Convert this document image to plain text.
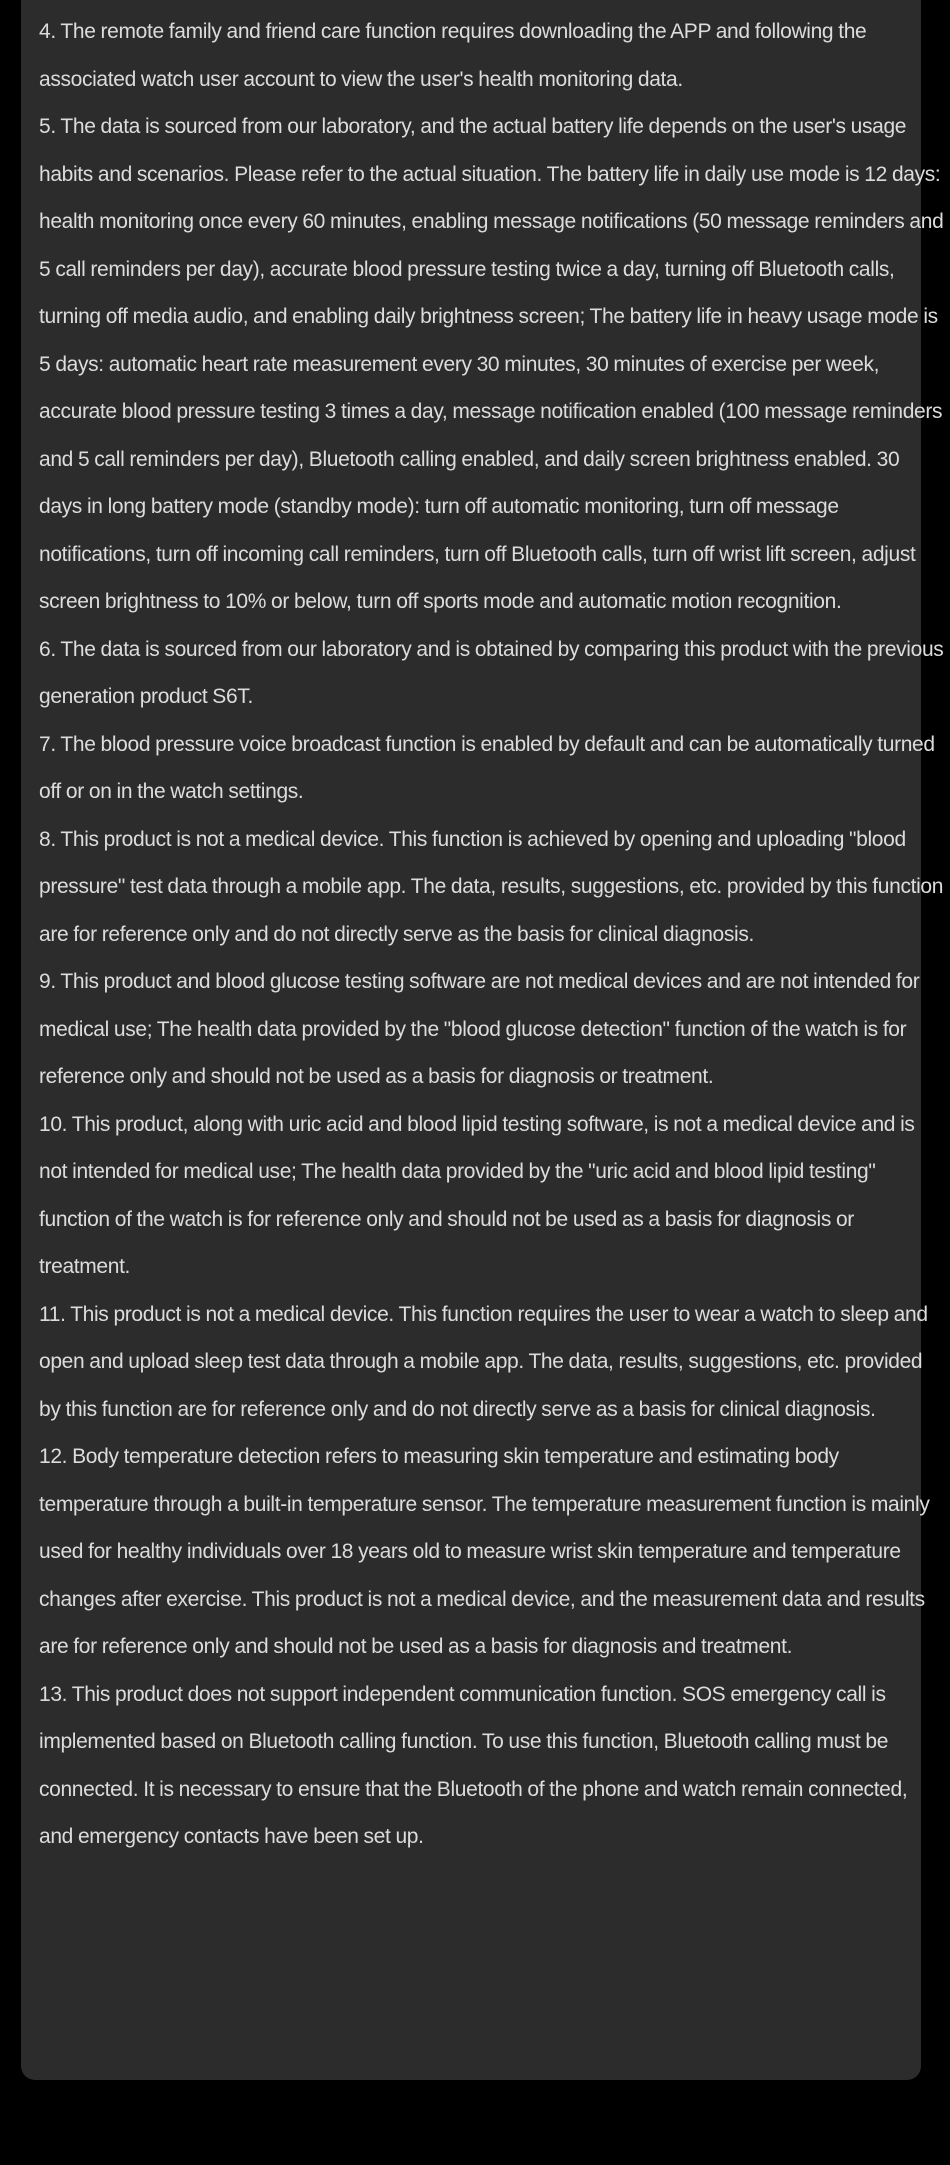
4. The remote family and friend care function requires downloading the APP and following the associated watch user account to view the user's health monitoring data.
5. The data is sourced from our laboratory, and the actual battery life depends on the user's usage habits and scenarios. Please refer to the actual situation. The battery life in daily use mode is 12 days: health monitoring once every 60 minutes, enabling message notifications (50 message reminders and 5 call reminders per day), accurate blood pressure testing twice a day, turning off Bluetooth calls, turning off media audio, and enabling daily brightness screen; The battery life in heavy usage mode is 5 days: automatic heart rate measurement every 30 minutes, 30 minutes of exercise per week, accurate blood pressure testing 3 times a day, message notification enabled (100 message reminders and 5 call reminders per day), Bluetooth calling enabled, and daily screen brightness enabled. 30 days in long battery mode (standby mode): turn off automatic monitoring, turn off message notifications, turn off incoming call reminders, turn off Bluetooth calls, turn off wrist lift screen, adjust screen brightness to 10% or below, turn off sports mode and automatic motion recognition.
6. The data is sourced from our laboratory and is obtained by comparing this product with the previous generation product S6T.
7. The blood pressure voice broadcast function is enabled by default and can be automatically turned off or on in the watch settings.
8. This product is not a medical device. This function is achieved by opening and uploading "blood pressure" test data through a mobile app. The data, results, suggestions, etc. provided by this function are for reference only and do not directly serve as the basis for clinical diagnosis.
9. This product and blood glucose testing software are not medical devices and are not intended for medical use; The health data provided by the "blood glucose detection" function of the watch is for reference only and should not be used as a basis for diagnosis or treatment.
10. This product, along with uric acid and blood lipid testing software, is not a medical device and is not intended for medical use; The health data provided by the "uric acid and blood lipid testing" function of the watch is for reference only and should not be used as a basis for diagnosis or treatment.
11. This product is not a medical device. This function requires the user to wear a watch to sleep and open and upload sleep test data through a mobile app. The data, results, suggestions, etc. provided by this function are for reference only and do not directly serve as a basis for clinical diagnosis.
12. Body temperature detection refers to measuring skin temperature and estimating body temperature through a built-in temperature sensor. The temperature measurement function is mainly used for healthy individuals over 18 years old to measure wrist skin temperature and temperature changes after exercise. This product is not a medical device, and the measurement data and results are for reference only and should not be used as a basis for diagnosis and treatment.
13. This product does not support independent communication function. SOS emergency call is implemented based on Bluetooth calling function. To use this function, Bluetooth calling must be connected. It is necessary to ensure that the Bluetooth of the phone and watch remain connected, and emergency contacts have been set up.
